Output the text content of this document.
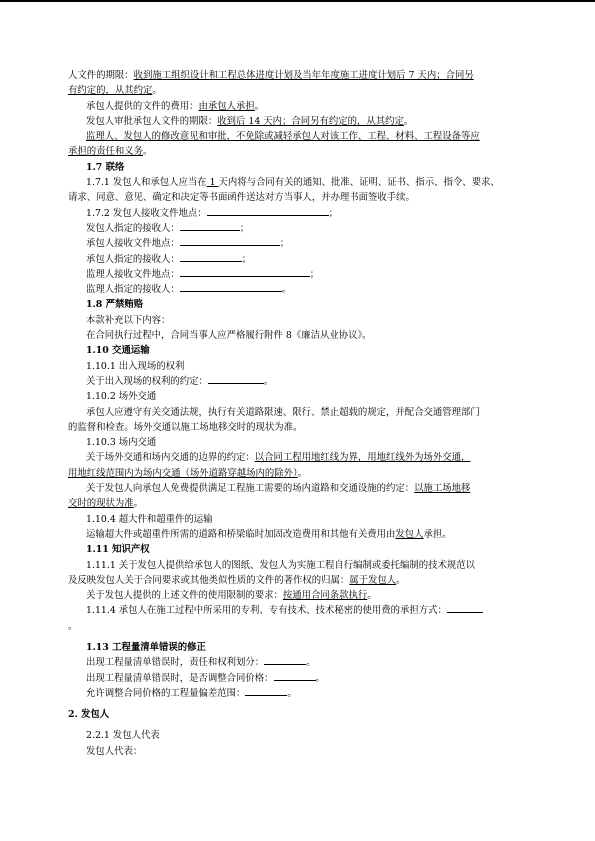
人文件的期限：收到施工组织设计和工程总体进度计划及当年年度施工进度计划后 7 天内；合同另
有约定的，从其约定。
承包人提供的文件的费用：由承包人承担。
发包人审批承包人文件的期限：收到后 14 天内；合同另有约定的，从其约定。
监理人、发包人的修改意见和审批，不免除或减轻承包人对该工作、工程、材料、工程设备等应
承担的责任和义务。
1.7 联络
1.7.1 发包人和承包人应当在 1 天内将与合同有关的通知、批准、证明、证书、指示、指令、要求、
请求、同意、意见、确定和决定等书面函件送达对方当事人，并办理书面签收手续。
1.7.2 发包人接收文件地点：	；
发包人指定的接收人：	；
承包人接收文件地点：	；
承包人指定的接收人：	；
监理人接收文件地点：	；
监理人指定的接收人：	。
1.8 严禁贿赂
本款补充以下内容：
在合同执行过程中，合同当事人应严格履行附件 8《廉洁从业协议》。
1.10 交通运输
1.10.1 出入现场的权利
关于出入现场的权利的约定：	。
1.10.2 场外交通
承包人应遵守有关交通法规，执行有关道路限速、限行、禁止超载的规定，并配合交通管理部门
的监督和检查。场外交通以施工场地移交时的现状为准。
1.10.3 场内交通
关于场外交通和场内交通的边界的约定：以合同工程用地红线为界，用地红线外为场外交通，
用地红线范围内为场内交通（场外道路穿越场内的除外）。
关于发包人向承包人免费提供满足工程施工需要的场内道路和交通设施的约定：以施工场地移
交时的现状为准。
1.10.4 超大件和超重件的运输
运输超大件或超重件所需的道路和桥梁临时加固改造费用和其他有关费用由发包人承担。
1.11 知识产权
1.11.1 关于发包人提供给承包人的图纸、发包人为实施工程自行编制或委托编制的技术规范以
及反映发包人关于合同要求或其他类似性质的文件的著作权的归属：属于发包人。
关于发包人提供的上述文件的使用限制的要求：按通用合同条款执行。
1.11.4 承包人在施工过程中所采用的专利、专有技术、技术秘密的使用费的承担方式：
。
1.13 工程量清单错误的修正
出现工程量清单错误时，责任和权利划分：	。
出现工程量清单错误时，是否调整合同价格：	。
允许调整合同价格的工程量偏差范围：	。
2. 发包人
2.2.1 发包人代表
发包人代表：
